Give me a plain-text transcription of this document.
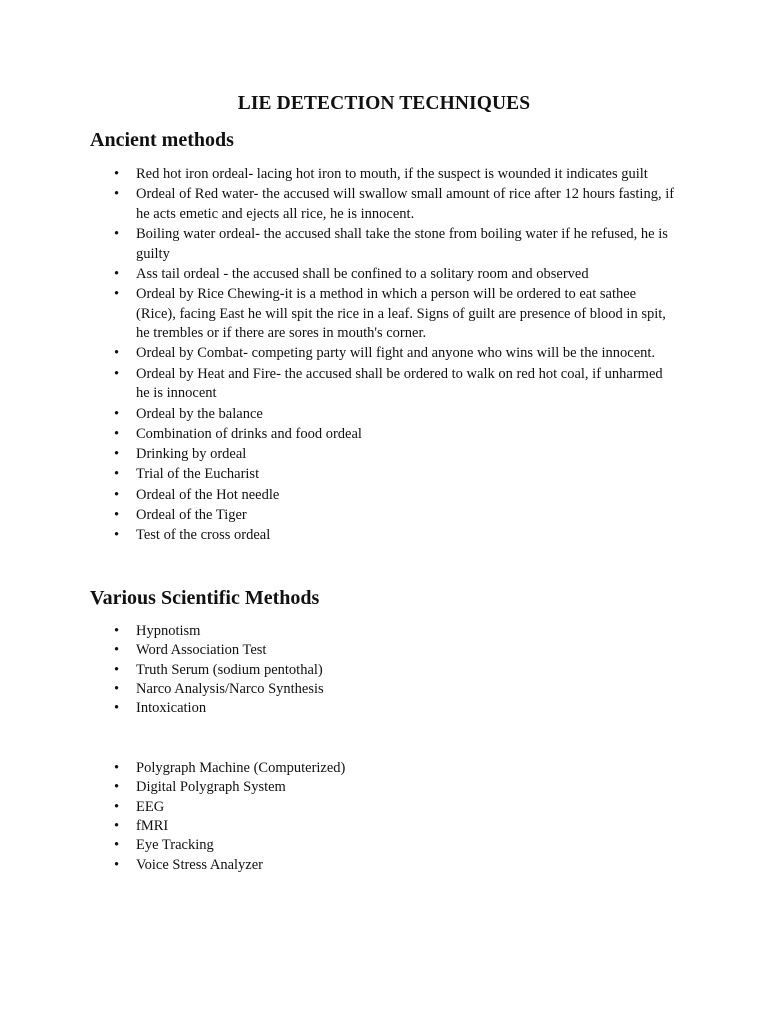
LIE DETECTION TECHNIQUES
Ancient methods
• Red hot iron ordeal- lacing hot iron to mouth, if the suspect is wounded it indicates guilt
• Ordeal of Red water- the accused will swallow small amount of rice after 12 hours fasting, if he acts emetic and ejects all rice, he is innocent.
• Boiling water ordeal- the accused shall take the stone from boiling water if he refused, he is guilty
• Ass tail ordeal - the accused shall be confined to a solitary room and observed
• Ordeal by Rice Chewing-it is a method in which a person will be ordered to eat sathee (Rice), facing East he will spit the rice in a leaf. Signs of guilt are presence of blood in spit, he trembles or if there are sores in mouth's corner.
• Ordeal by Combat- competing party will fight and anyone who wins will be the innocent.
• Ordeal by Heat and Fire- the accused shall be ordered to walk on red hot coal, if unharmed he is innocent
• Ordeal by the balance
• Combination of drinks and food ordeal
• Drinking by ordeal
• Trial of the Eucharist
• Ordeal of the Hot needle
• Ordeal of the Tiger
• Test of the cross ordeal
Various Scientific Methods
• Hypnotism
• Word Association Test
• Truth Serum (sodium pentothal)
• Narco Analysis/Narco Synthesis
• Intoxication
• Polygraph Machine (Computerized)
• Digital Polygraph System
• EEG
• fMRI
• Eye Tracking
• Voice Stress Analyzer
